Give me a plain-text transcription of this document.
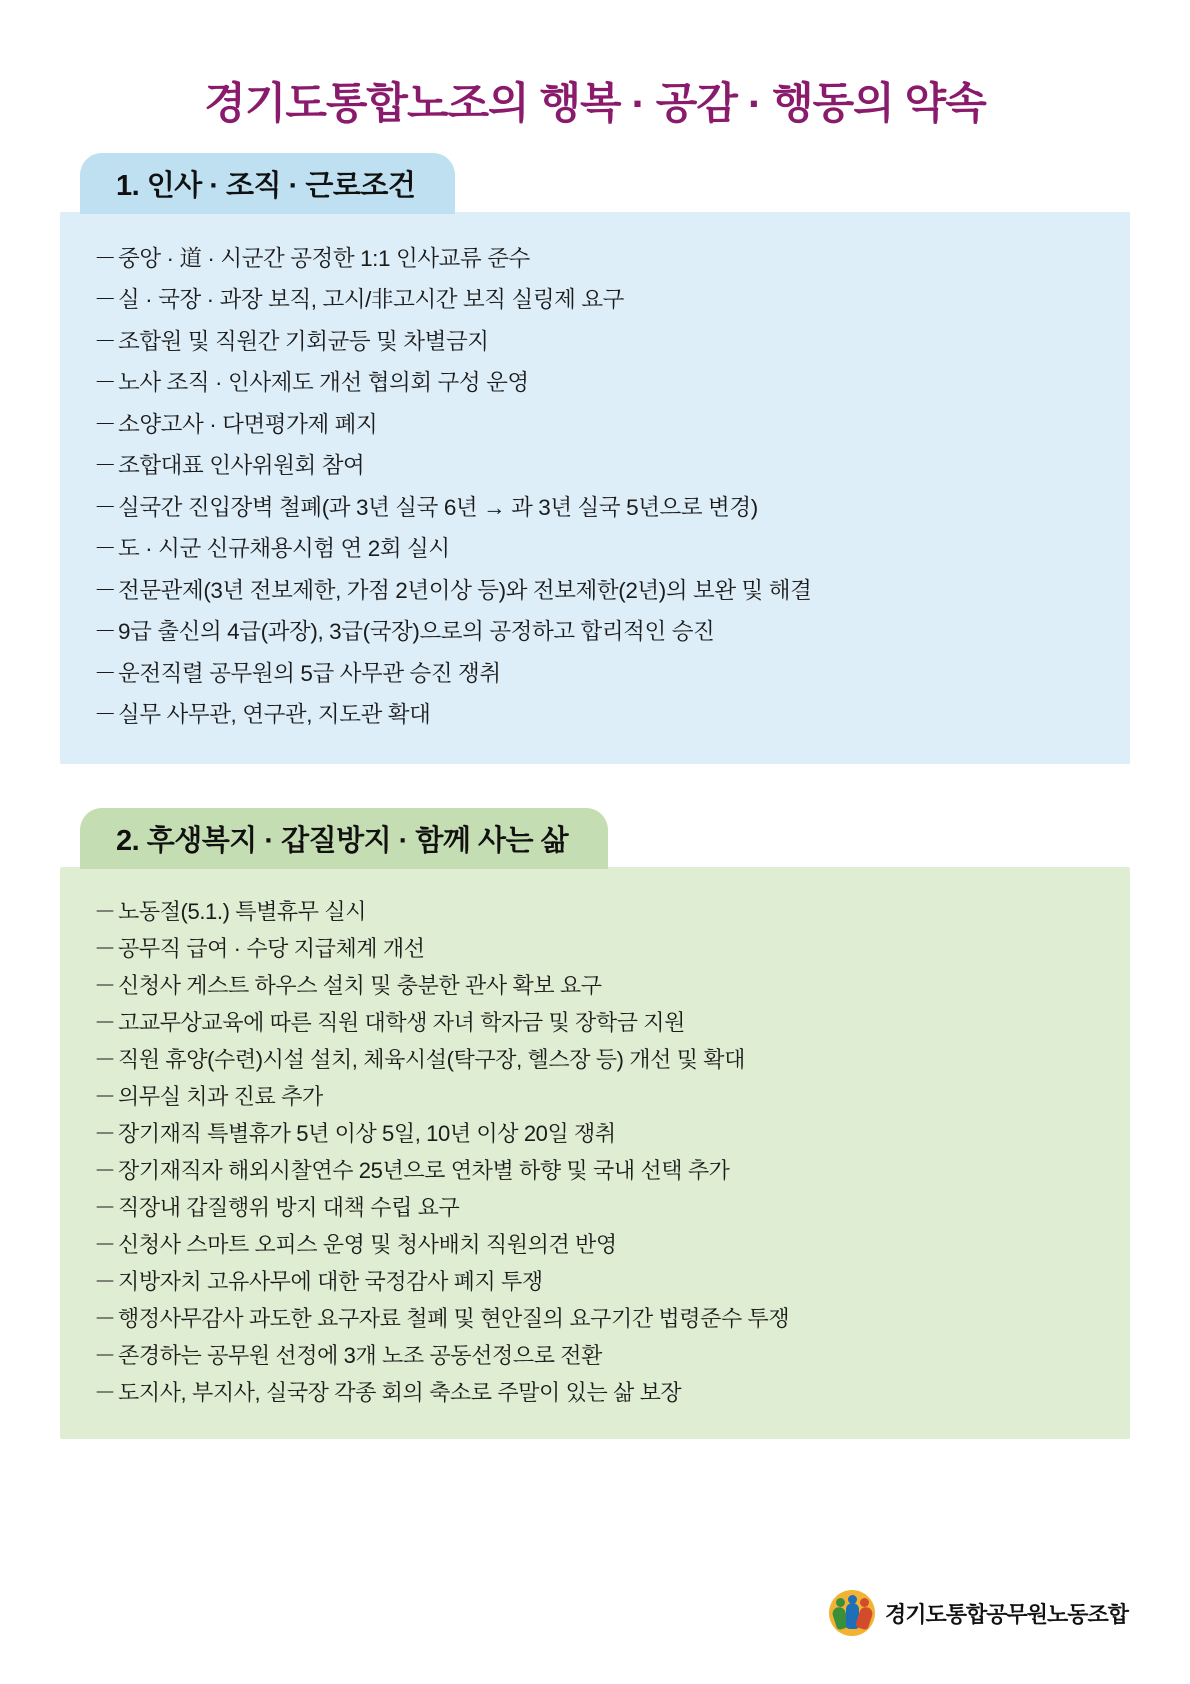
경기도통합노조의 행복 · 공감 · 행동의 약속
1. 인사 · 조직 · 근로조건
－ 중앙 · 道 · 시군간 공정한 1:1 인사교류 준수
－ 실 · 국장 · 과장 보직, 고시/非고시간 보직 실링제 요구
－ 조합원 및 직원간 기회균등 및 차별금지
－ 노사 조직 · 인사제도 개선 협의회 구성 운영
－ 소양고사 · 다면평가제 폐지
－ 조합대표 인사위원회 참여
－ 실국간 진입장벽 철폐(과 3년 실국 6년 → 과 3년 실국 5년으로 변경)
－ 도 · 시군 신규채용시험 연 2회 실시
－ 전문관제(3년 전보제한, 가점 2년이상 등)와 전보제한(2년)의 보완 및 해결
－ 9급 출신의 4급(과장), 3급(국장)으로의 공정하고 합리적인 승진
－ 운전직렬 공무원의 5급 사무관 승진 쟁취
－ 실무 사무관, 연구관, 지도관 확대
2. 후생복지 · 갑질방지 · 함께 사는 삶
－ 노동절(5.1.) 특별휴무 실시
－ 공무직 급여 · 수당 지급체계 개선
－ 신청사 게스트 하우스 설치 및 충분한 관사 확보 요구
－ 고교무상교육에 따른 직원 대학생 자녀 학자금 및 장학금 지원
－ 직원 휴양(수련)시설 설치, 체육시설(탁구장, 헬스장 등) 개선 및 확대
－ 의무실 치과 진료 추가
－ 장기재직 특별휴가 5년 이상 5일, 10년 이상 20일 쟁취
－ 장기재직자 해외시찰연수 25년으로 연차별 하향 및 국내 선택 추가
－ 직장내 갑질행위 방지 대책 수립 요구
－ 신청사 스마트 오피스 운영 및 청사배치 직원의견 반영
－ 지방자치 고유사무에 대한 국정감사 폐지 투쟁
－ 행정사무감사 과도한 요구자료 철폐 및 현안질의 요구기간 법령준수 투쟁
－ 존경하는 공무원 선정에 3개 노조 공동선정으로 전환
－ 도지사, 부지사, 실국장 각종 회의 축소로 주말이 있는 삶 보장
경기도통합공무원노동조합
